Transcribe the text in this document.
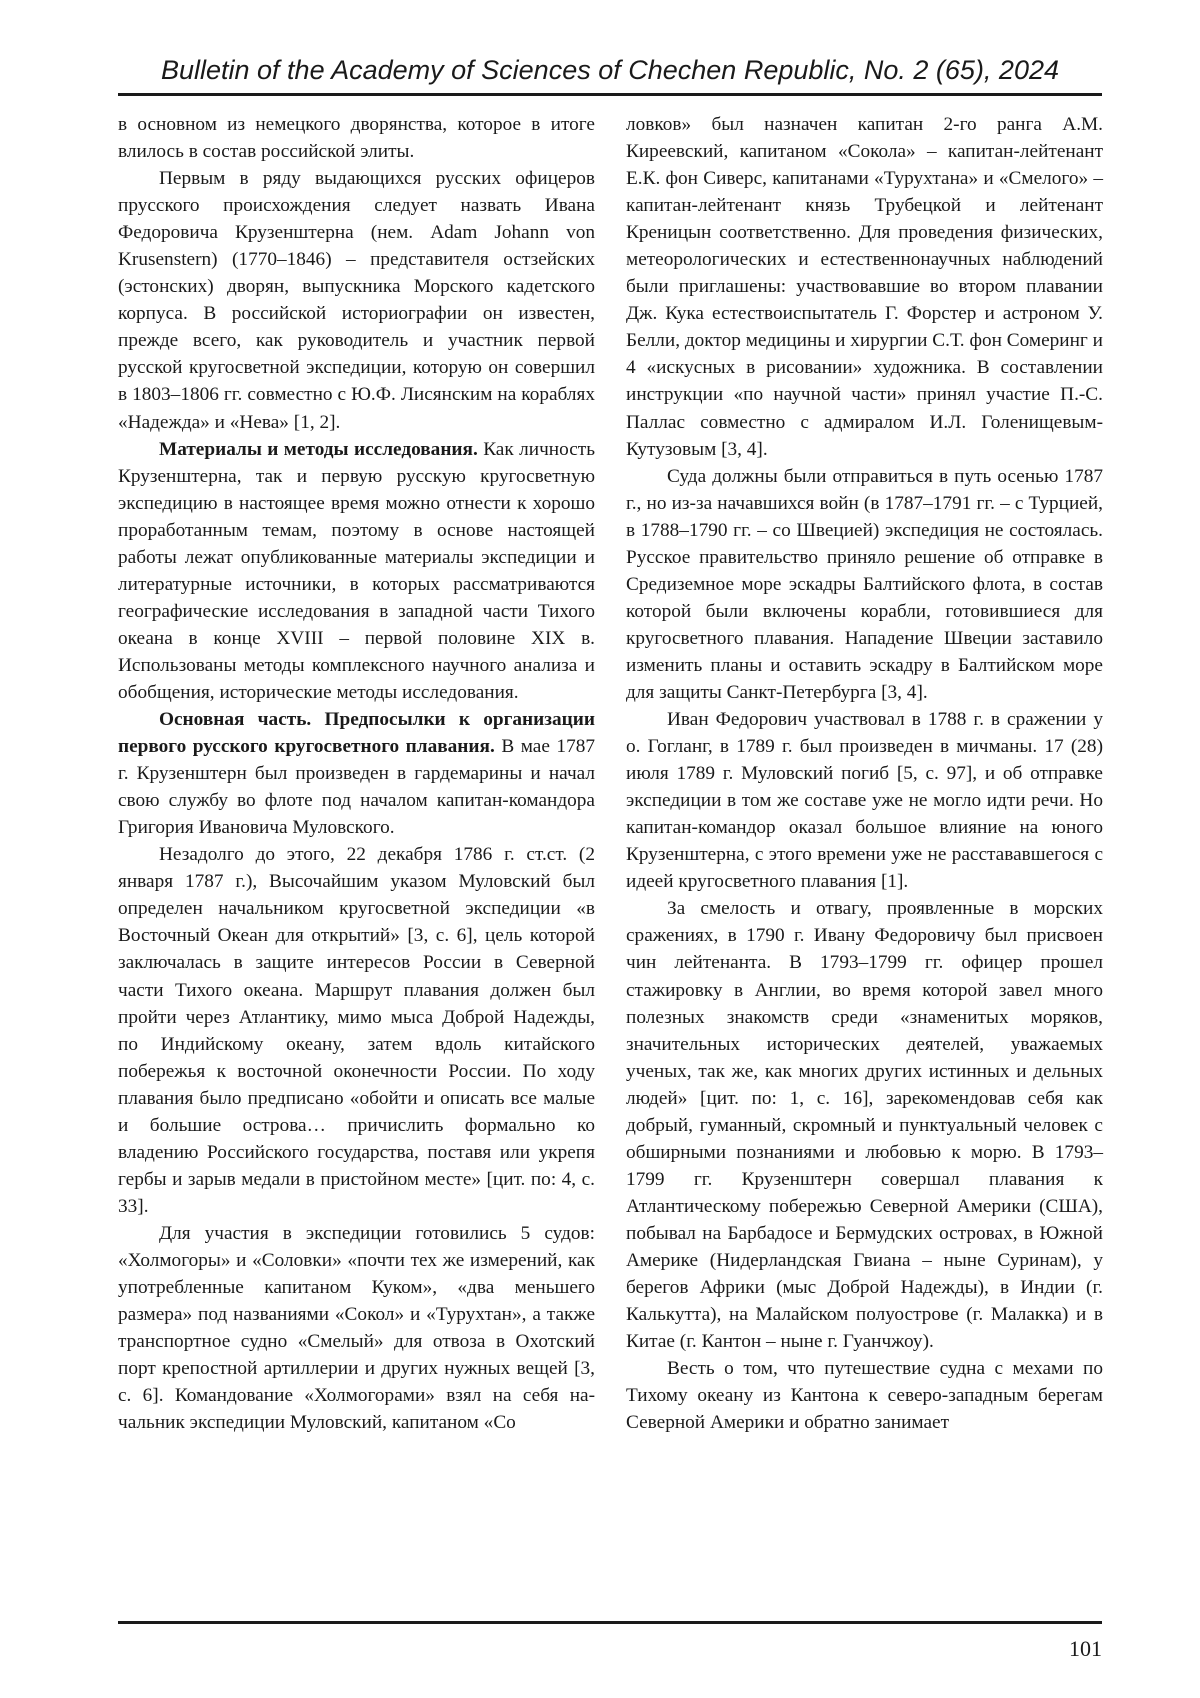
Bulletin of the Academy of Sciences of Chechen Republic, No. 2 (65), 2024

в основном из немецкого дворянства, которое в итоге влилось в состав российской элиты.

Первым в ряду выдающихся русских офицеров прусского происхождения следует назвать Ивана Федоровича Крузенштерна (нем. Adam Johann von Krusenstern) (1770–1846) – представителя остзейских (эстонских) дворян, выпускника Морского кадетского корпуса. В российской историографии он известен, прежде всего, как руководитель и участник первой русской кругосветной экспедиции, которую он совершил в 1803–1806 гг. совместно с Ю.Ф. Лисянским на кораблях «Надежда» и «Нева» [1, 2].

Материалы и методы исследования. Как личность Крузенштерна, так и первую русскую кругосветную экспедицию в настоящее время можно отнести к хорошо проработанным темам, поэтому в основе настоящей работы лежат опубликованные материалы экспедиции и литературные источники, в которых рассматриваются географические исследования в западной части Тихого океана в конце XVIII – первой половине XIX в. Использованы методы комплексного научного анализа и обобщения, исторические методы исследования.

Основная часть. Предпосылки к организации первого русского кругосветного плавания. В мае 1787 г. Крузенштерн был произведен в гардемарины и начал свою службу во флоте под началом капитан-командора Григория Ивановича Муловского.

Незадолго до этого, 22 декабря 1786 г. ст.ст. (2 января 1787 г.), Высочайшим указом Муловский был определен начальником кругосветной экспедиции «в Восточный Океан для открытий» [3, с. 6], цель которой заключалась в защите интересов России в Северной части Тихого океана. Маршрут плавания должен был пройти через Атлантику, мимо мыса Доброй Надежды, по Индийскому океану, затем вдоль китайского побережья к восточной оконечности России. По ходу плавания было предписано «обойти и описать все малые и большие острова… причислить формально ко владению Российского государства, поставя или укрепя гербы и зарыв медали в пристойном месте» [цит. по: 4, с. 33].

Для участия в экспедиции готовились 5 судов: «Холмогоры» и «Соловки» «почти тех же измерений, как употребленные капитаном Куком», «два меньшего размера» под названиями «Сокол» и «Турухтан», а также транспортное судно «Смелый» для отвоза в Охотский порт крепостной артиллерии и других нужных вещей [3, с. 6]. Командование «Холмогорами» взял на себя начальник экспедиции Муловский, капитаном «Со

ловков» был назначен капитан 2-го ранга А.М. Киреевский, капитаном «Сокола» – капитан-лейтенант Е.К. фон Сиверс, капитанами «Турухтана» и «Смелого» – капитан-лейтенант князь Трубецкой и лейтенант Креницын соответственно. Для проведения физических, метеорологических и естественнонаучных наблюдений были приглашены: участвовавшие во втором плавании Дж. Кука естествоиспытатель Г. Форстер и астроном У. Белли, доктор медицины и хирургии С.Т. фон Сомеринг и 4 «искусных в рисовании» художника. В составлении инструкции «по научной части» принял участие П.-С. Паллас совместно с адмиралом И.Л. Голенищевым-Кутузовым [3, 4].

Суда должны были отправиться в путь осенью 1787 г., но из-за начавшихся войн (в 1787–1791 гг. – с Турцией, в 1788–1790 гг. – со Швецией) экспедиция не состоялась. Русское правительство приняло решение об отправке в Средиземное море эскадры Балтийского флота, в состав которой были включены корабли, готовившиеся для кругосветного плавания. Нападение Швеции заставило изменить планы и оставить эскадру в Балтийском море для защиты Санкт-Петербурга [3, 4].

Иван Федорович участвовал в 1788 г. в сражении у о. Гогланг, в 1789 г. был произведен в мичманы. 17 (28) июля 1789 г. Муловский погиб [5, с. 97], и об отправке экспедиции в том же составе уже не могло идти речи. Но капитан-командор оказал большое влияние на юного Крузенштерна, с этого времени уже не расстававшегося с идеей кругосветного плавания [1].

За смелость и отвагу, проявленные в морских сражениях, в 1790 г. Ивану Федоровичу был присвоен чин лейтенанта. В 1793–1799 гг. офицер прошел стажировку в Англии, во время которой завел много полезных знакомств среди «знаменитых моряков, значительных исторических деятелей, уважаемых ученых, так же, как многих других истинных и дельных людей» [цит. по: 1, с. 16], зарекомендовав себя как добрый, гуманный, скромный и пунктуальный человек с обширными познаниями и любовью к морю. В 1793–1799 гг. Крузенштерн совершал плавания к Атлантическому побережью Северной Америки (США), побывал на Барбадосе и Бермудских островах, в Южной Америке (Нидерландская Гвиана – ныне Суринам), у берегов Африки (мыс Доброй Надежды), в Индии (г. Калькутта), на Малайском полуострове (г. Малакка) и в Китае (г. Кантон – ныне г. Гуанчжоу).

Весть о том, что путешествие судна с мехами по Тихому океану из Кантона к северо-западным берегам Северной Америки и обратно занимает

101
